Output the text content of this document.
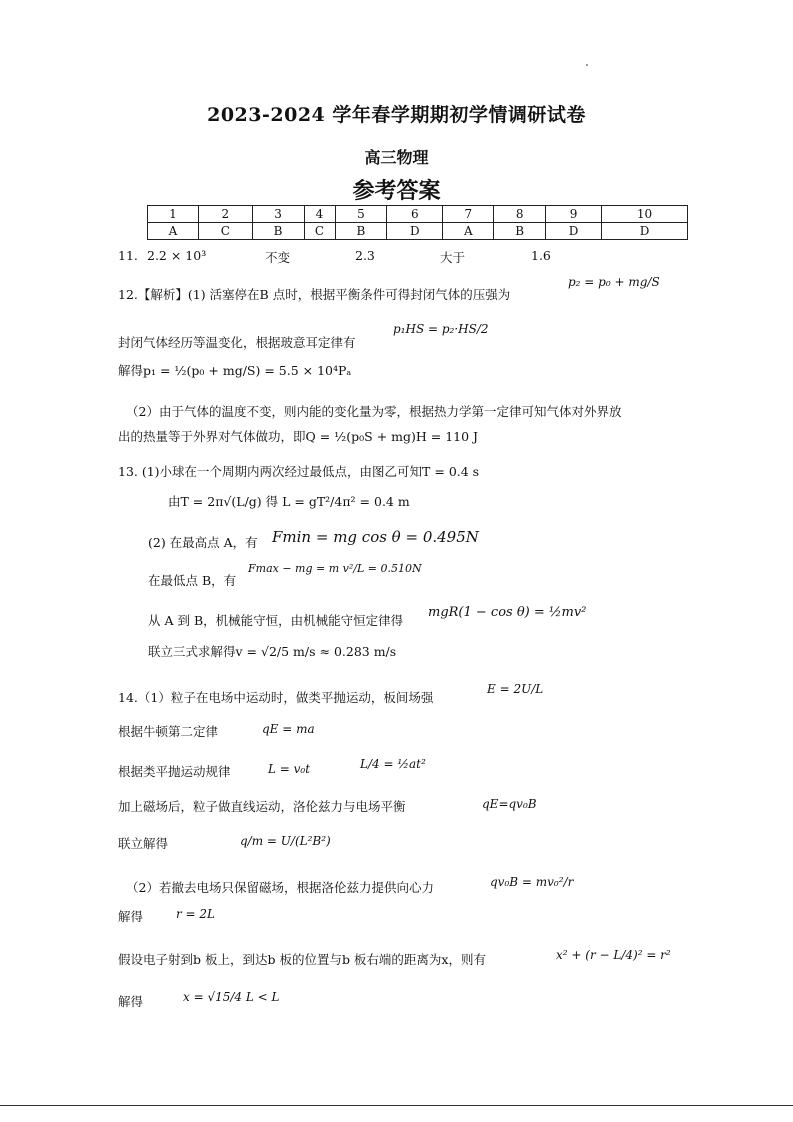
2023-2024 学年春学期期初学情调研试卷
高三物理
参考答案
1	2	3	4	5	6	7	8	9	10
A	C	B	C	B	D	A	B	D	D
11. 2.2 × 10³	不变	2.3	大于	1.6
12.【解析】(1) 活塞停在B 点时，根据平衡条件可得封闭气体的压强为
p₂ = p₀ + mg/S
封闭气体经历等温变化，根据玻意耳定律有
p₁HS = p₂·HS/2
解得p₁ = ½(p₀ + mg/S) = 5.5 × 10⁴Pₐ
（2）由于气体的温度不变，则内能的变化量为零，根据热力学第一定律可知气体对外界放
出的热量等于外界对气体做功，即Q = ½(p₀S + mg)H = 110 J
13. (1)小球在一个周期内两次经过最低点，由图乙可知T = 0.4 s
由T = 2π√(L/g) 得 L = gT²/4π² = 0.4 m
(2) 在最高点 A，有 Fmin = mg cos θ = 0.495N
在最低点 B，有
Fmax − mg = m v²/L = 0.510N
从 A 到 B，机械能守恒，由机械能守恒定律得
mgR(1 − cos θ) = ½mv²
联立三式求解得v = √2/5 m/s ≈ 0.283 m/s
14.（1）粒子在电场中运动时，做类平抛运动，板间场强
E = 2U/L
根据牛顿第二定律	qE = ma
根据类平抛运动规律	L = v₀t	L/4 = ½at²
加上磁场后，粒子做直线运动，洛伦兹力与电场平衡	qE=qv₀B
联立解得	q/m = U/(L²B²)
（2）若撤去电场只保留磁场，根据洛伦兹力提供向心力	qv₀B = mv₀²/r
解得	r = 2L
假设电子射到b 板上，到达b 板的位置与b 板右端的距离为x，则有	x² + (r − L/4)² = r²
解得	x = √15/4 L < L
